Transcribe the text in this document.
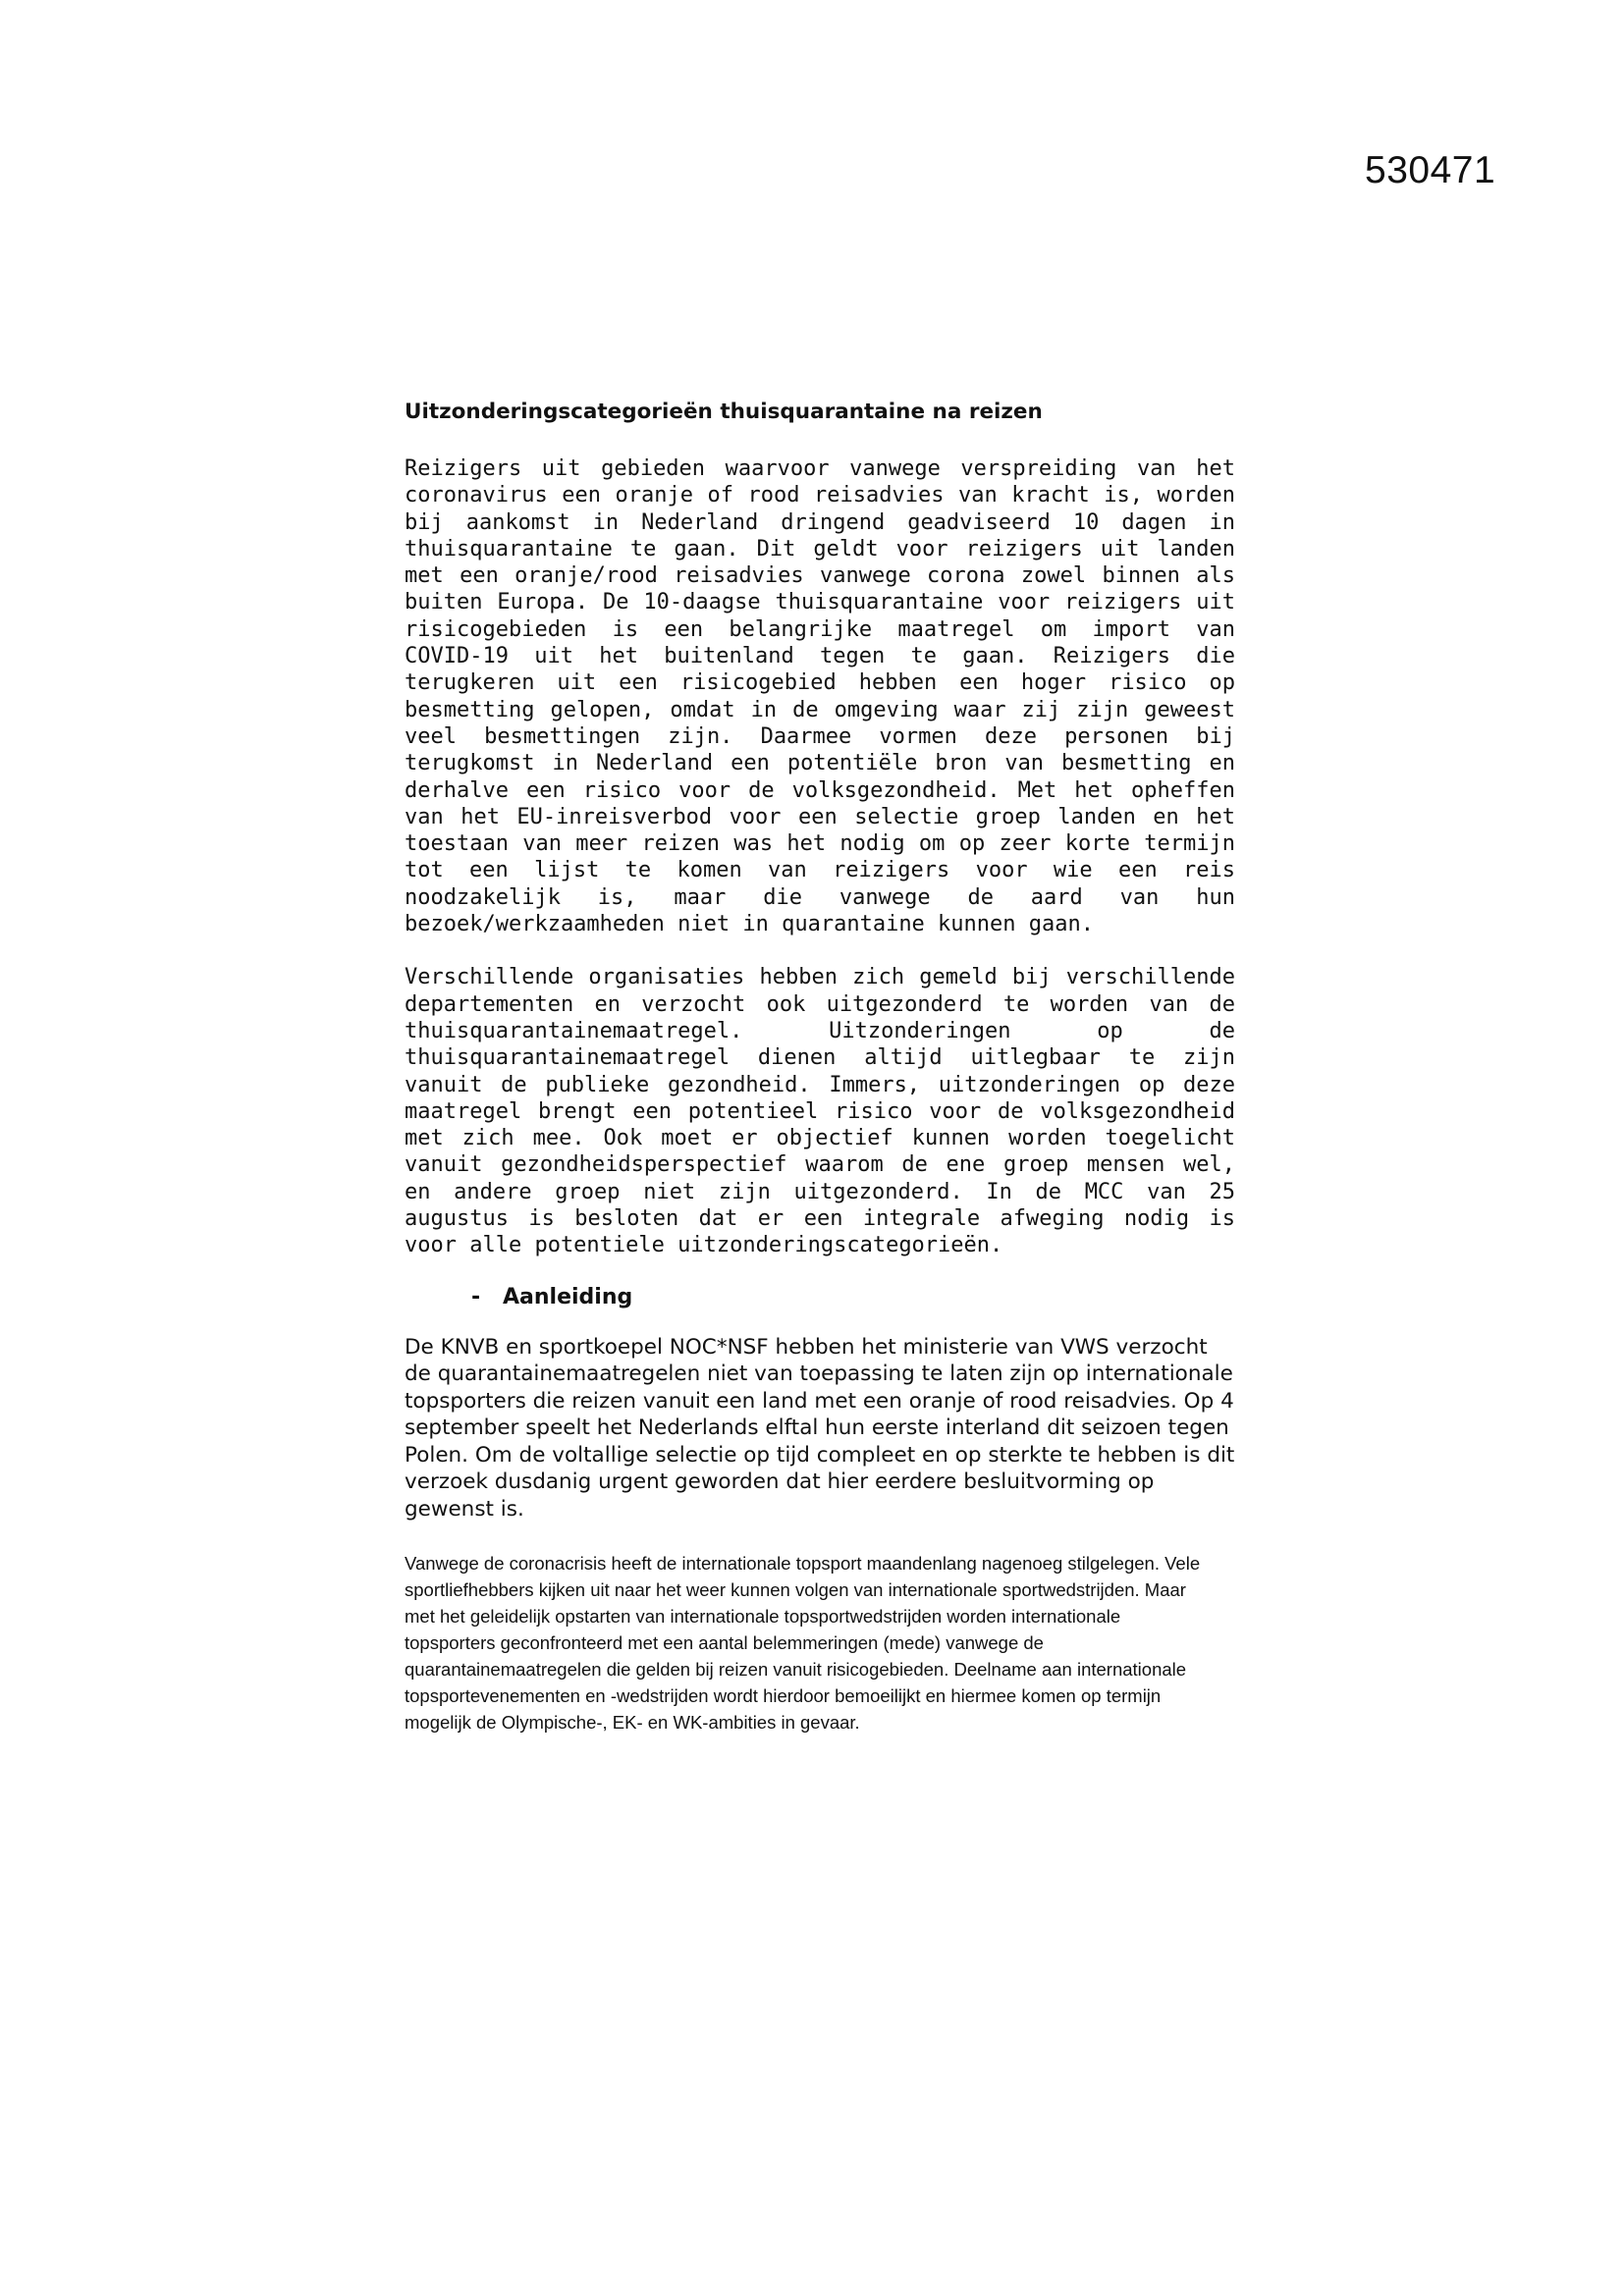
530471
Uitzonderingscategorieën thuisquarantaine na reizen

Reizigers uit gebieden waarvoor vanwege verspreiding van het coronavirus een oranje of rood reisadvies van kracht is, worden bij aankomst in Nederland dringend geadviseerd 10 dagen in thuisquarantaine te gaan. Dit geldt voor reizigers uit landen met een oranje/rood reisadvies vanwege corona zowel binnen als buiten Europa. De 10-daagse thuisquarantaine voor reizigers uit risicogebieden is een belangrijke maatregel om import van COVID-19 uit het buitenland tegen te gaan. Reizigers die terugkeren uit een risicogebied hebben een hoger risico op besmetting gelopen, omdat in de omgeving waar zij zijn geweest veel besmettingen zijn. Daarmee vormen deze personen bij terugkomst in Nederland een potentiële bron van besmetting en derhalve een risico voor de volksgezondheid. Met het opheffen van het EU-inreisverbod voor een selectie groep landen en het toestaan van meer reizen was het nodig om op zeer korte termijn tot een lijst te komen van reizigers voor wie een reis noodzakelijk is, maar die vanwege de aard van hun bezoek/werkzaamheden niet in quarantaine kunnen gaan.

Verschillende organisaties hebben zich gemeld bij verschillende departementen en verzocht ook uitgezonderd te worden van de thuisquarantainemaatregel. Uitzonderingen op de thuisquarantainemaatregel dienen altijd uitlegbaar te zijn vanuit de publieke gezondheid. Immers, uitzonderingen op deze maatregel brengt een potentieel risico voor de volksgezondheid met zich mee. Ook moet er objectief kunnen worden toegelicht vanuit gezondheidsperspectief waarom de ene groep mensen wel, en andere groep niet zijn uitgezonderd. In de MCC van 25 augustus is besloten dat er een integrale afweging nodig is voor alle potentiele uitzonderingscategorieën.

-	Aanleiding

De KNVB en sportkoepel NOC*NSF hebben het ministerie van VWS verzocht de quarantainemaatregelen niet van toepassing te laten zijn op internationale topsporters die reizen vanuit een land met een oranje of rood reisadvies. Op 4 september speelt het Nederlands elftal hun eerste interland dit seizoen tegen Polen. Om de voltallige selectie op tijd compleet en op sterkte te hebben is dit verzoek dusdanig urgent geworden dat hier eerdere besluitvorming op gewenst is.

Vanwege de coronacrisis heeft de internationale topsport maandenlang nagenoeg stilgelegen. Vele sportliefhebbers kijken uit naar het weer kunnen volgen van internationale sportwedstrijden. Maar met het geleidelijk opstarten van internationale topsportwedstrijden worden internationale topsporters geconfronteerd met een aantal belemmeringen (mede) vanwege de quarantainemaatregelen die gelden bij reizen vanuit risicogebieden. Deelname aan internationale topsportevenementen en -wedstrijden wordt hierdoor bemoeilijkt en hiermee komen op termijn mogelijk de Olympische-, EK- en WK-ambities in gevaar.
